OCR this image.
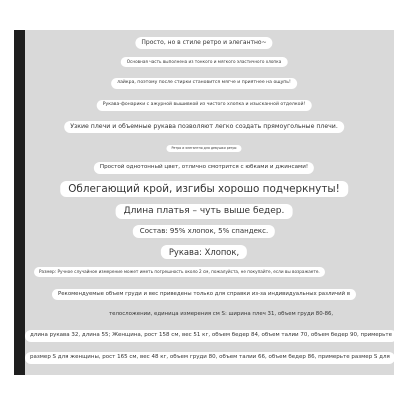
Просто, но в стиле ретро и элегантно~
Основная часть выполнена из тонкого и мягкого эластичного хлопка
лайкра, поэтому после стирки становится мягче и приятнее на ощупь!
Рукава-фонарики с ажурной вышивкой из чистого хлопка и изысканной отделкой!
Узкие плечи и объемные рукава позволяют легко создать прямоугольные плечи.
Ретро и элегантно для девушки ретро
Простой однотонный цвет, отлично смотрится с юбками и джинсами!
Облегающий крой, изгибы хорошо подчеркнуты!
Длина платья – чуть выше бедер.
Состав: 95% хлопок, 5% спандекс.
Рукава: Хлопок,
Размер: Ручное случайное измерение может иметь погрешность около 2 см, пожалуйста, не покупайте, если вы возражаете.
Рекомендуемые объем груди и вес приведены только для справки из-за индивидуальных различий в
телосложении, единица измерения см S: ширина плеч 31, объем груди 80-86,
длина рукава 32, длина 55; Женщина, рост 158 см, вес 51 кг, объем бедер 84, объем талии 70, объем бедер 90, примерьте
размер S для женщины, рост 165 см, вес 48 кг, объем груди 80, объем талии 66, объем бедер 86, примерьте размер S для
